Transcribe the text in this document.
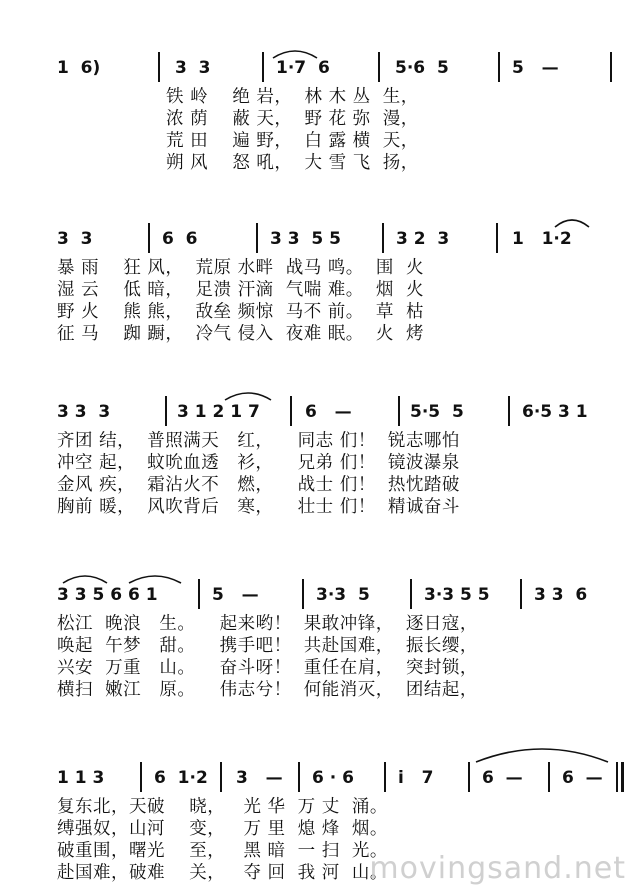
1  6)	3  3	1·7  6	5·6  5	5   —
铁 岭    绝 岩，  林 木 丛  生，
浓 荫    蔽 天，  野 花 弥  漫，
荒 田    遍 野，  白 露 横  天，
朔 风    怒 吼，  大 雪 飞  扬，
3  3	6  6	3 3  5 5	3 2  3	1   1·2
暴 雨    狂 风，  荒原 水畔  战马 鸣。  围  火
湿 云    低 暗，  足溃 汗滴  气喘 难。  烟  火
野 火    熊 熊，  敌垒 频惊  马不 前。  草  枯
征 马    踟 蹰，  冷气 侵入  夜难 眠。  火  烤
3 3  3	3 1 2 1 7	6   —	5·5  5	6·5 3 1
齐团 结，  普照满天   红，    同志 们！  锐志哪怕
冲空 起，  蚊吮血透   衫，    兄弟 们！  镜波瀑泉
金风 疾，  霜沾火不   燃，    战士 们！  热忱踏破
胸前 暖，  风吹背后   寒，    壮士 们！  精诚奋斗
3 3 5 6 6 1	5   —	3·3  5	3·3 5 5	3 3  6
松江  晚浪   生。    起来哟！  果敢冲锋，  逐日寇，
唤起  午梦   甜。    携手吧！  共赴国难，  振长缨，
兴安  万重   山。    奋斗呀！  重任在肩，  突封锁，
横扫  嫩江   原。    伟志兮！  何能消灭，  团结起，
1 1 3	6  1·2 3   — 6 · 6	i   7	6  — 6  —
复东北，天破    晓，   光 华  万 丈  涌。
缚强奴，山河    变，   万 里  熄 烽  烟。
破重围，曙光    至，   黑 暗  一 扫  光。
赴国难，破难    关，   夺 回  我 河  山。
movingsand.net
